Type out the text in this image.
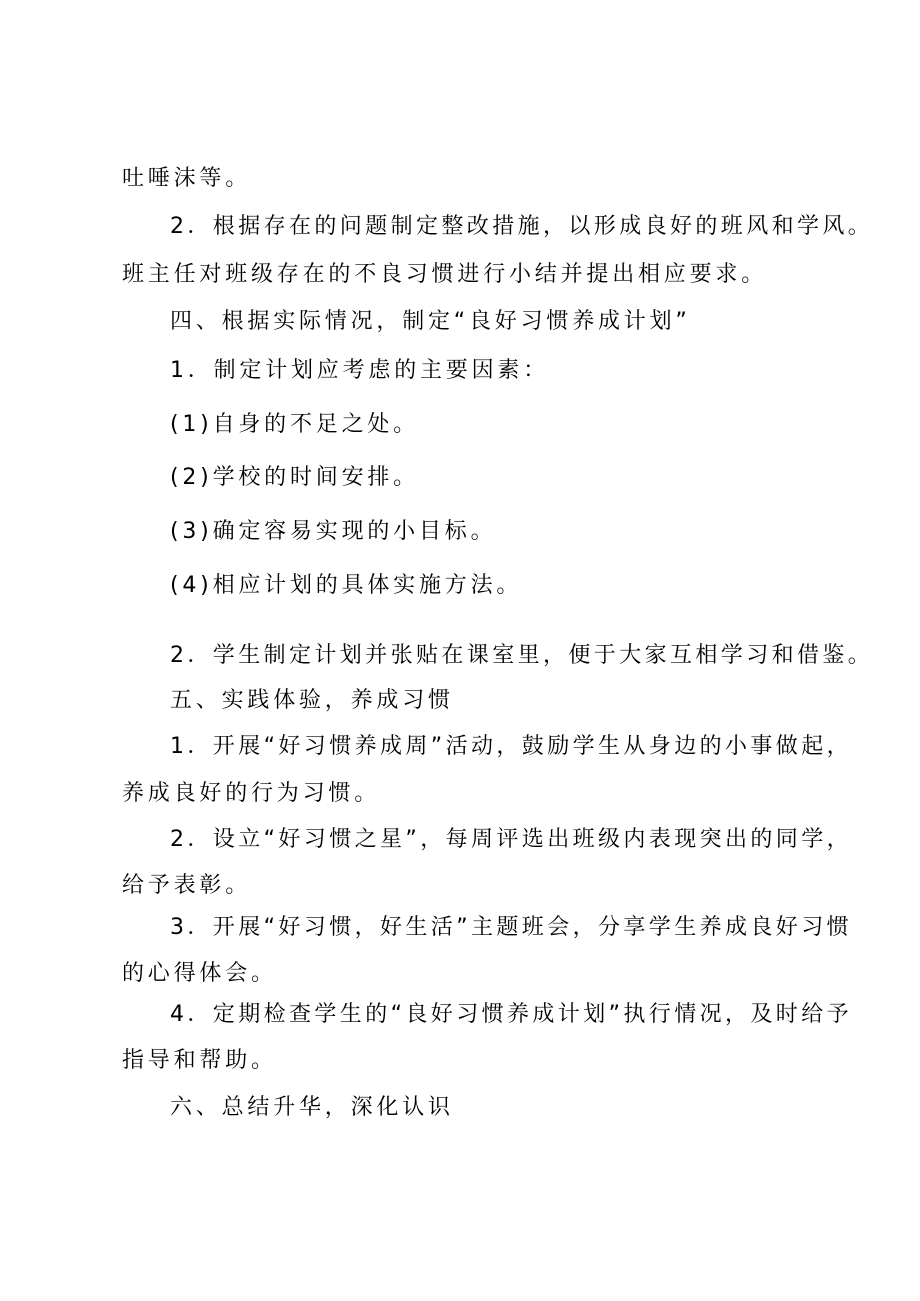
吐唾沫等。
2．根据存在的问题制定整改措施，以形成良好的班风和学风。
班主任对班级存在的不良习惯进行小结并提出相应要求。
四、根据实际情况，制定“良好习惯养成计划”
1．制定计划应考虑的主要因素：
(1)自身的不足之处。
(2)学校的时间安排。
(3)确定容易实现的小目标。
(4)相应计划的具体实施方法。
2．学生制定计划并张贴在课室里，便于大家互相学习和借鉴。
五、实践体验，养成习惯
1．开展“好习惯养成周”活动，鼓励学生从身边的小事做起，
养成良好的行为习惯。
2．设立“好习惯之星”，每周评选出班级内表现突出的同学，
给予表彰。
3．开展“好习惯，好生活”主题班会，分享学生养成良好习惯
的心得体会。
4．定期检查学生的“良好习惯养成计划”执行情况，及时给予
指导和帮助。
六、总结升华，深化认识
